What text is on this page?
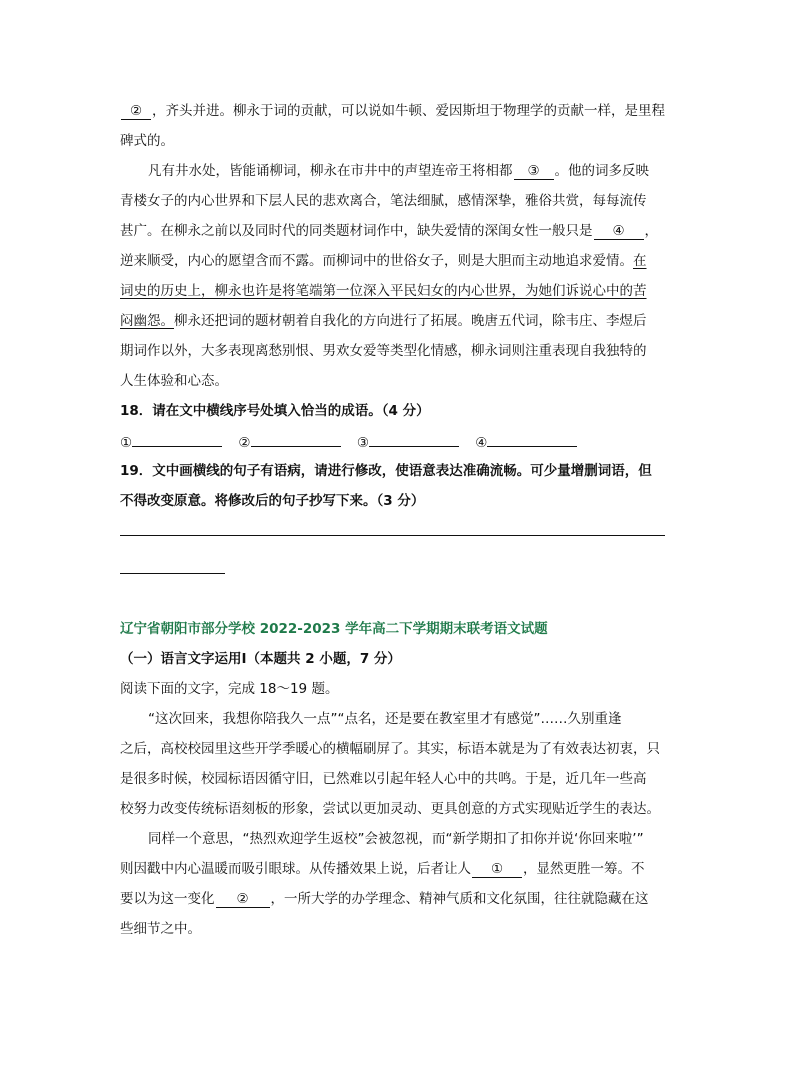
② ，齐头并进。柳永于词的贡献，可以说如牛顿、爱因斯坦于物理学的贡献一样，是里程
碑式的。
凡有井水处，皆能诵柳词，柳永在市井中的声望连帝王将相都 ③ 。他的词多反映
青楼女子的内心世界和下层人民的悲欢离合，笔法细腻，感情深挚，雅俗共赏，每每流传
甚广。在柳永之前以及同时代的同类题材词作中，缺失爱情的深闺女性一般只是 ④ ，
逆来顺受，内心的愿望含而不露。而柳词中的世俗女子，则是大胆而主动地追求爱情。在
词史的历史上，柳永也许是将笔端第一位深入平民妇女的内心世界，为她们诉说心中的苦
闷幽怨。柳永还把词的题材朝着自我化的方向进行了拓展。晚唐五代词，除韦庄、李煜后
期词作以外，大多表现离愁别恨、男欢女爱等类型化情感，柳永词则注重表现自我独特的
人生体验和心态。
18．请在文中横线序号处填入恰当的成语。（4 分）
①	②	③	④
19．文中画横线的句子有语病，请进行修改，使语意表达准确流畅。可少量增删词语，但
不得改变原意。将修改后的句子抄写下来。（3 分）
辽宁省朝阳市部分学校 2022-2023 学年高二下学期期末联考语文试题
（一）语言文字运用Ⅰ（本题共 2 小题，7 分）
阅读下面的文字，完成 18～19 题。
“这次回来，我想你陪我久一点”“点名，还是要在教室里才有感觉”……久别重逢
之后，高校校园里这些开学季暖心的横幅刷屏了。其实，标语本就是为了有效表达初衷，只
是很多时候，校园标语因循守旧，已然难以引起年轻人心中的共鸣。于是，近几年一些高
校努力改变传统标语刻板的形象，尝试以更加灵动、更具创意的方式实现贴近学生的表达。
同样一个意思，“热烈欢迎学生返校”会被忽视，而“新学期扣了扣你并说‘你回来啦’”
则因戳中内心温暖而吸引眼球。从传播效果上说，后者让人 ① ，显然更胜一筹。不
要以为这一变化 ② ，一所大学的办学理念、精神气质和文化氛围，往往就隐藏在这
些细节之中。
